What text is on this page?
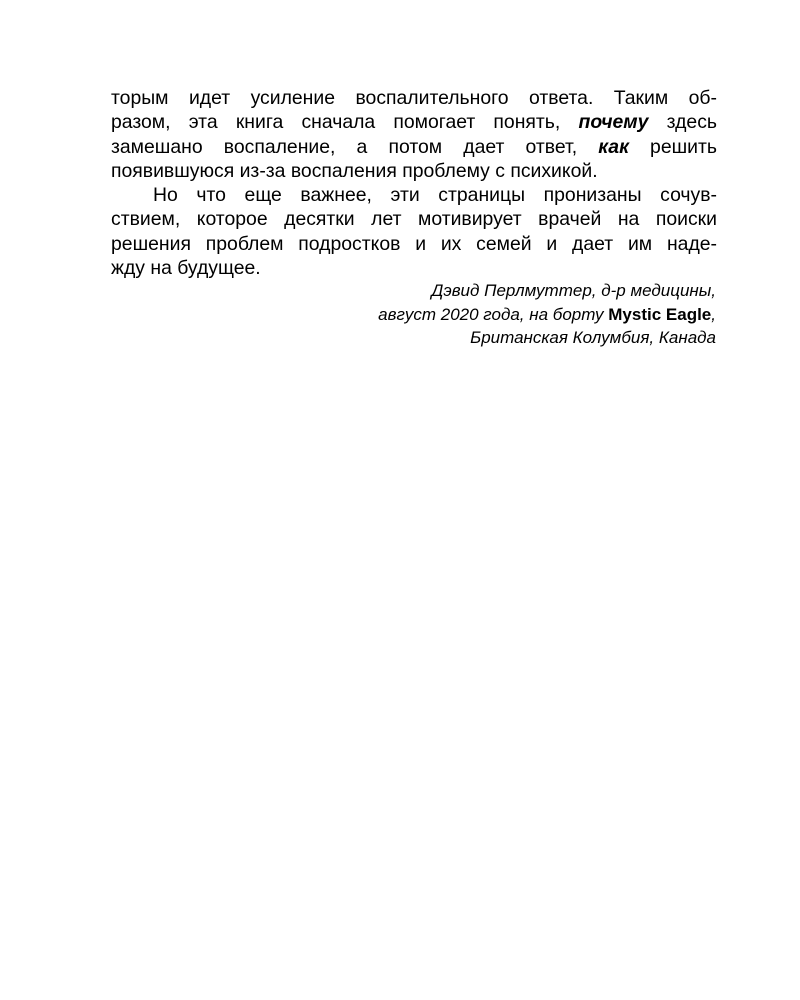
торым идет усиление воспалительного ответа. Таким об-
разом, эта книга сначала помогает понять, почему здесь
замешано воспаление, а потом дает ответ, как решить
появившуюся из-за воспаления проблему с психикой.
Но что еще важнее, эти страницы пронизаны сочув-
ствием, которое десятки лет мотивирует врачей на поиски
решения проблем подростков и их семей и дает им наде-
жду на будущее.
Дэвид Перлмуттер, д-р медицины,
август 2020 года, на борту Mystic Eagle,
Британская Колумбия, Канада
